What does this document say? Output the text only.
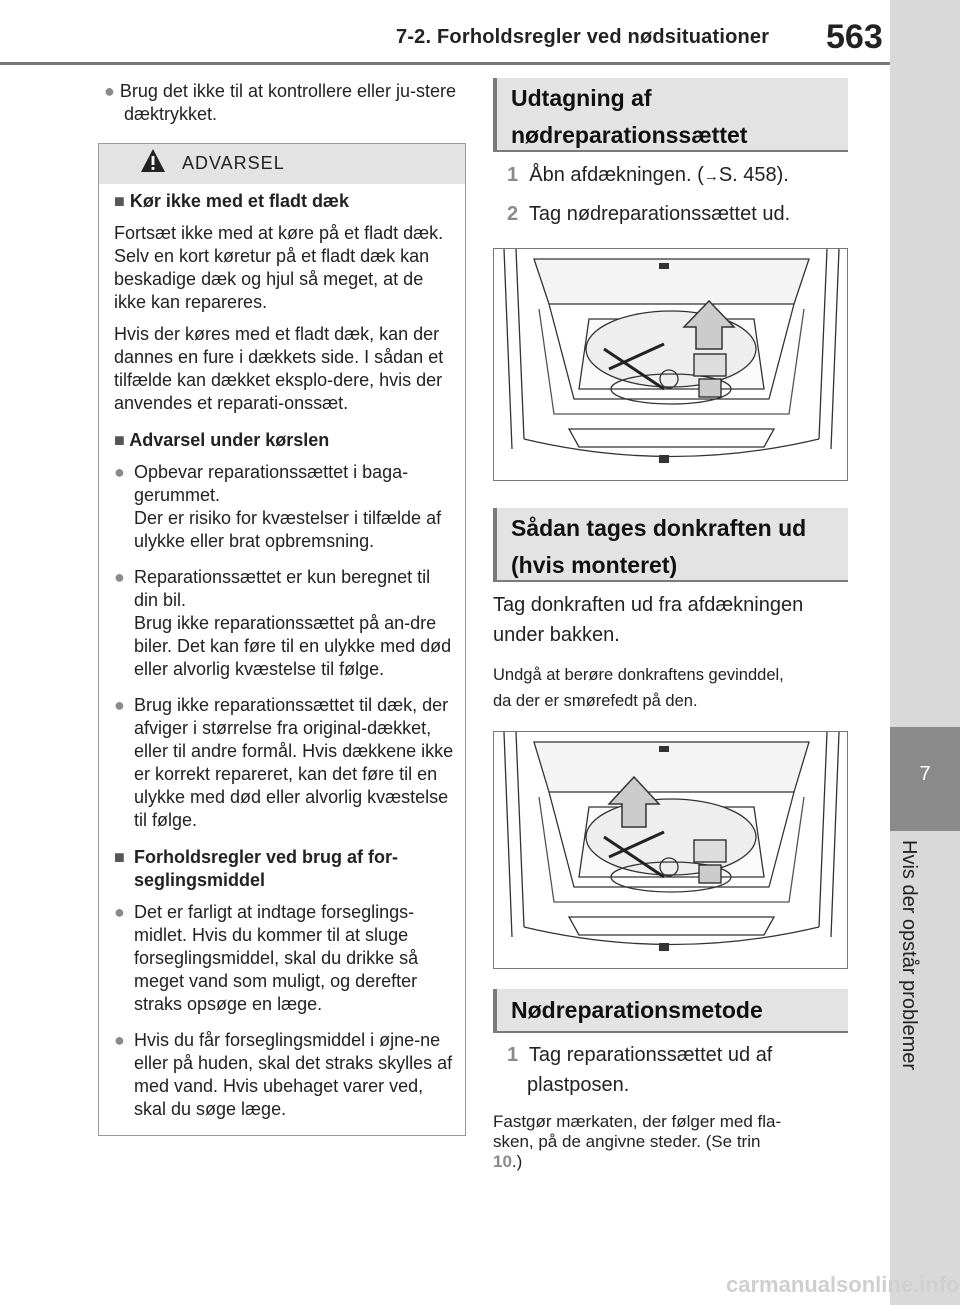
7-2. Forholdsregler ved nødsituationer 563
7
Hvis der opstår problemer
● Brug det ikke til at kontrollere eller ju-stere dæktrykket.
ADVARSEL
■ Kør ikke med et fladt dæk
Fortsæt ikke med at køre på et fladt dæk. Selv en kort køretur på et fladt dæk kan beskadige dæk og hjul så meget, at de ikke kan repareres.
Hvis der køres med et fladt dæk, kan der dannes en fure i dækkets side. I sådan et tilfælde kan dækket eksplo-dere, hvis der anvendes et reparati-onssæt.
■ Advarsel under kørslen
● Opbevar reparationssættet i baga-gerummet.
Der er risiko for kvæstelser i tilfælde af ulykke eller brat opbremsning.
● Reparationssættet er kun beregnet til din bil.
Brug ikke reparationssættet på an-dre biler. Det kan føre til en ulykke med død eller alvorlig kvæstelse til følge.
● Brug ikke reparationssættet til dæk, der afviger i størrelse fra original-dækket, eller til andre formål. Hvis dækkene ikke er korrekt repareret, kan det føre til en ulykke med død eller alvorlig kvæstelse til følge.
■ Forholdsregler ved brug af for-seglingsmiddel
● Det er farligt at indtage forseglings-midlet. Hvis du kommer til at sluge forseglingsmiddel, skal du drikke så meget vand som muligt, og derefter straks opsøge en læge.
● Hvis du får forseglingsmiddel i øjne-ne eller på huden, skal det straks skylles af med vand. Hvis ubehaget varer ved, skal du søge læge.
Udtagning af
nødreparationssættet
1 Åbn afdækningen. (→S. 458).
2 Tag nødreparationssættet ud.
Sådan tages donkraften ud
(hvis monteret)
Tag donkraften ud fra afdækningen
under bakken.
Undgå at berøre donkraftens gevinddel,
da der er smørefedt på den.
Nødreparationsmetode
1 Tag reparationssættet ud af
plastposen.
Fastgør mærkaten, der følger med fla-
sken, på de angivne steder. (Se trin
10.)
carmanualsonline.info
